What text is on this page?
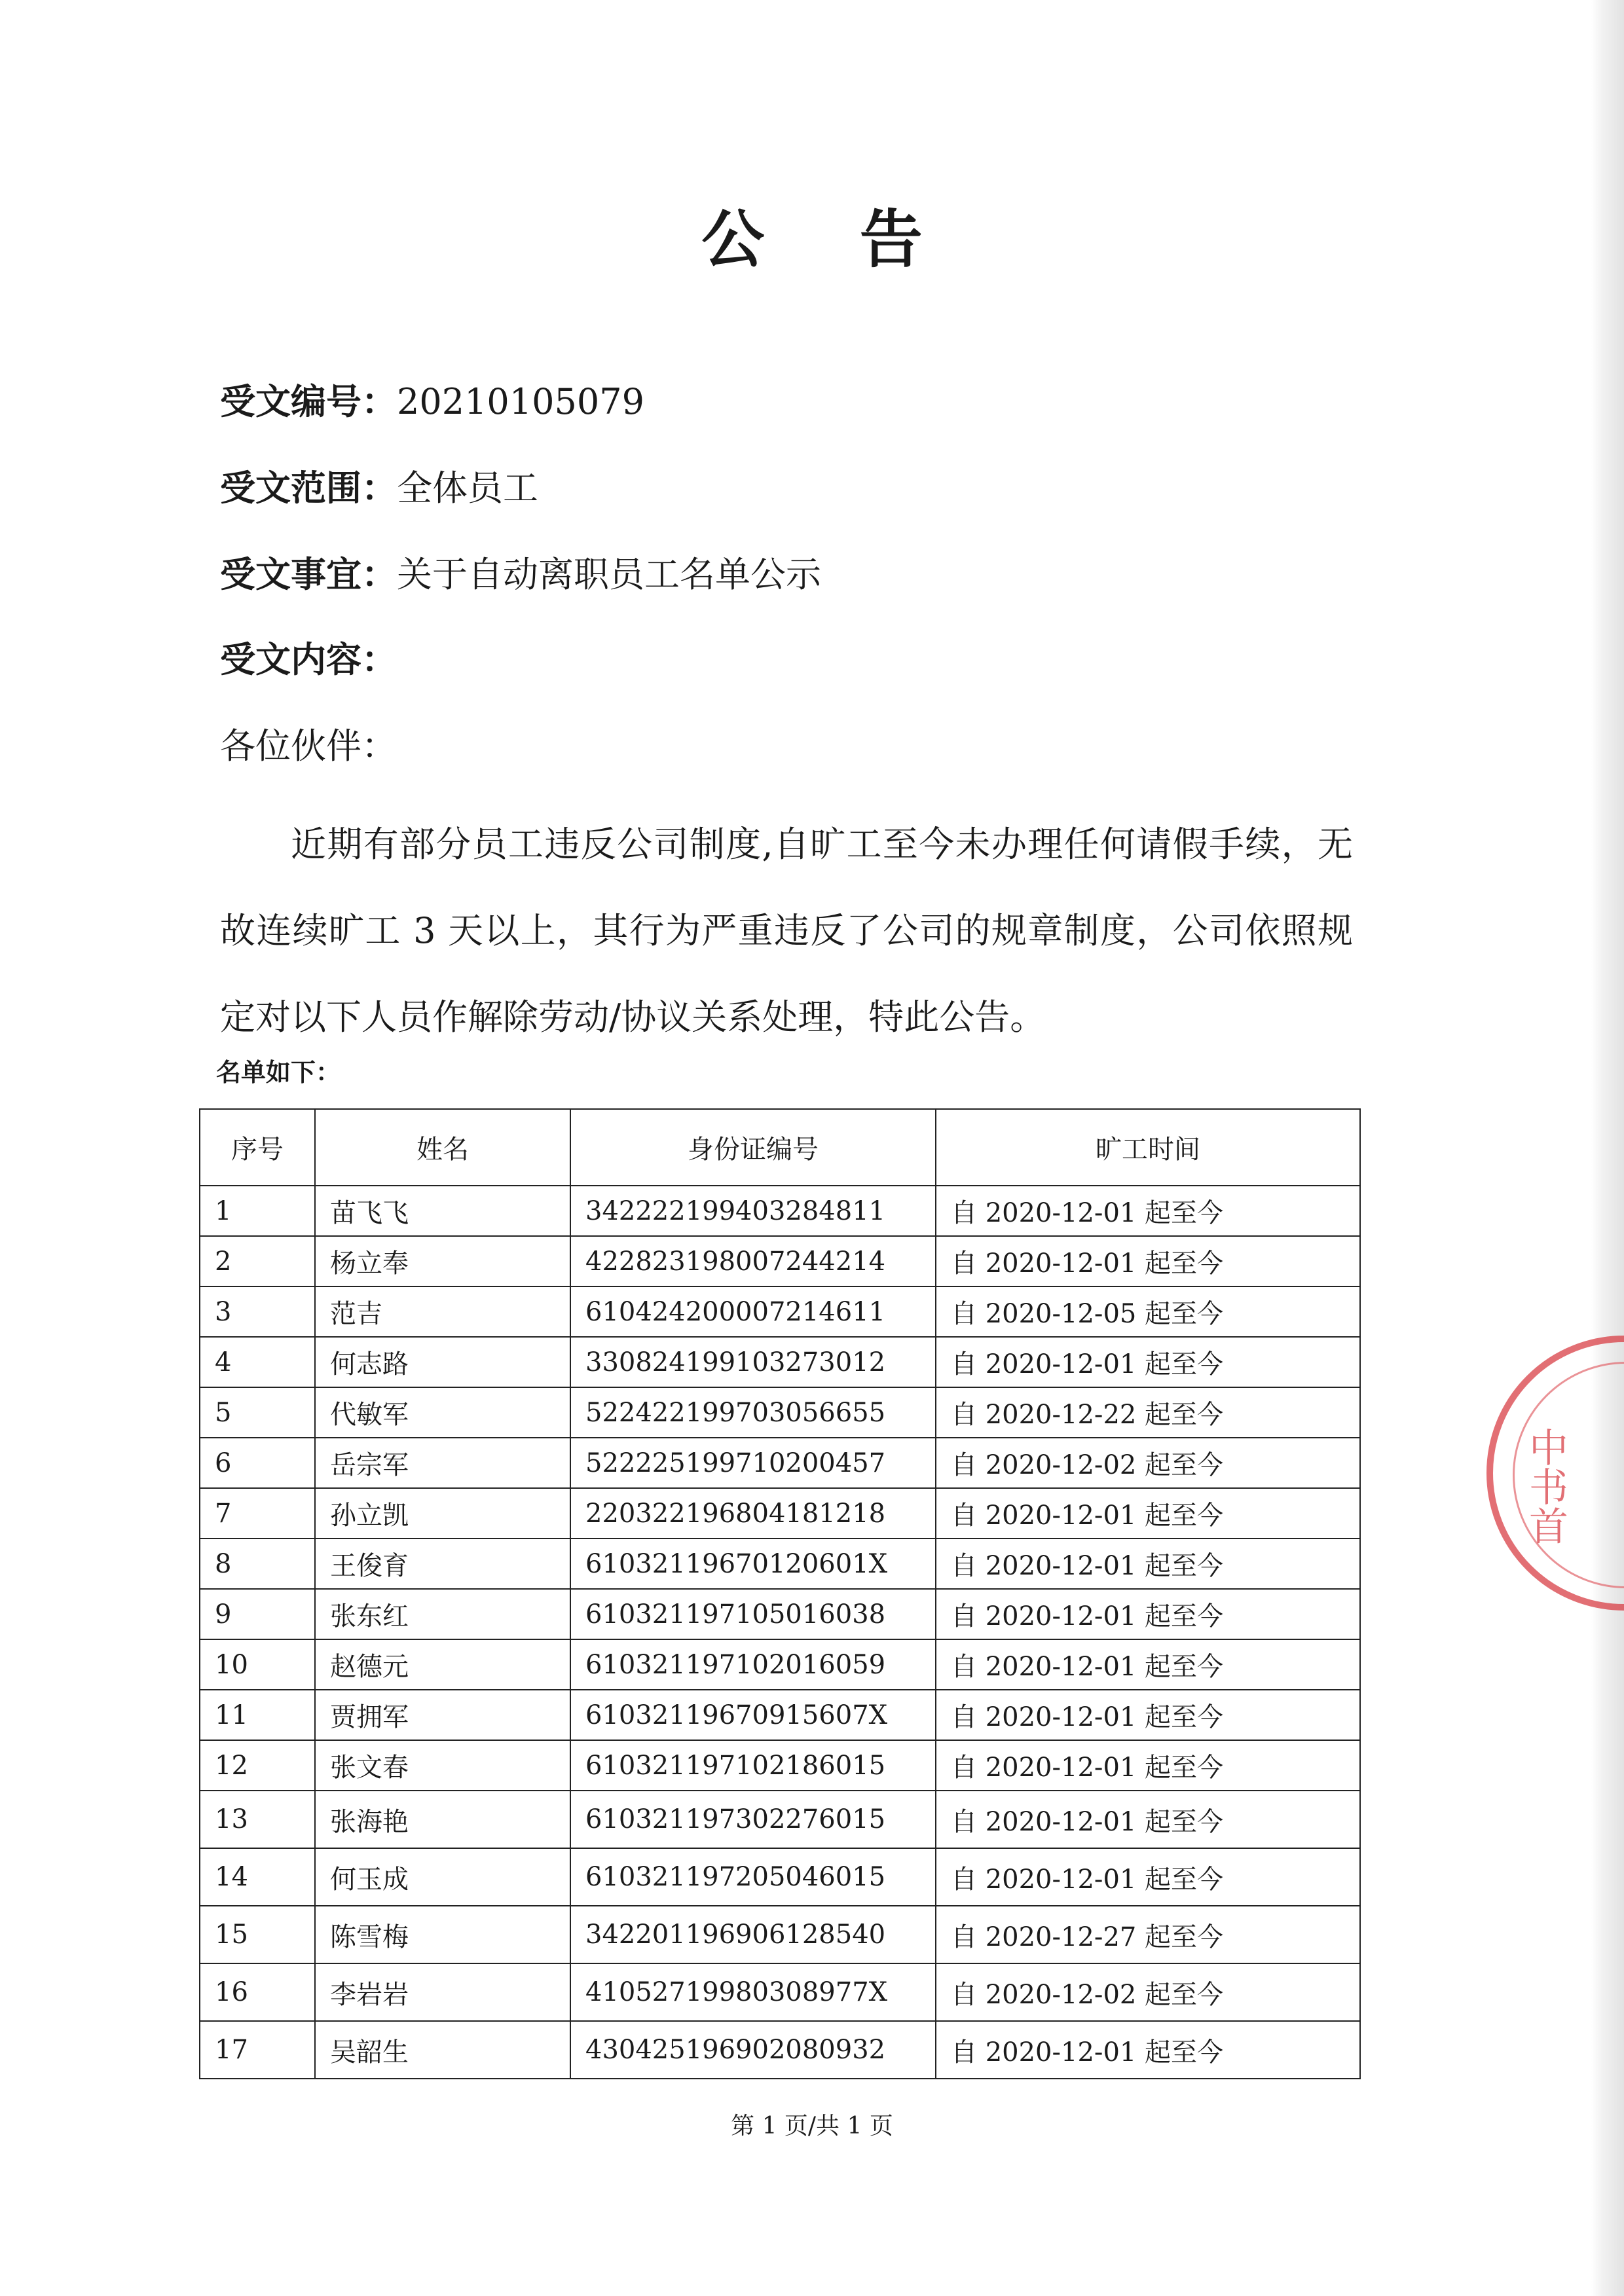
公 告
受文编号：20210105079
受文范围：全体员工
受文事宜：关于自动离职员工名单公示
受文内容：
各位伙伴：
近期有部分员工违反公司制度,自旷工至今未办理任何请假手续，无故连续旷工 3 天以上，其行为严重违反了公司的规章制度，公司依照规定对以下人员作解除劳动/协议关系处理，特此公告。
名单如下：
序号	姓名	身份证编号	旷工时间
1	苗飞飞	342222199403284811	自 2020-12-01 起至今
2	杨立奉	422823198007244214	自 2020-12-01 起至今
3	范吉	610424200007214611	自 2020-12-05 起至今
4	何志路	330824199103273012	自 2020-12-01 起至今
5	代敏军	522422199703056655	自 2020-12-22 起至今
6	岳宗军	522225199710200457	自 2020-12-02 起至今
7	孙立凯	220322196804181218	自 2020-12-01 起至今
8	王俊育	61032119670120601X	自 2020-12-01 起至今
9	张东红	610321197105016038	自 2020-12-01 起至今
10	赵德元	610321197102016059	自 2020-12-01 起至今
11	贾拥军	61032119670915607X	自 2020-12-01 起至今
12	张文春	610321197102186015	自 2020-12-01 起至今
13	张海艳	610321197302276015	自 2020-12-01 起至今
14	何玉成	610321197205046015	自 2020-12-01 起至今
15	陈雪梅	342201196906128540	自 2020-12-27 起至今
16	李岩岩	41052719980308977X	自 2020-12-02 起至今
17	吴韶生	430425196902080932	自 2020-12-01 起至今
中书首
第 1 页/共 1 页
